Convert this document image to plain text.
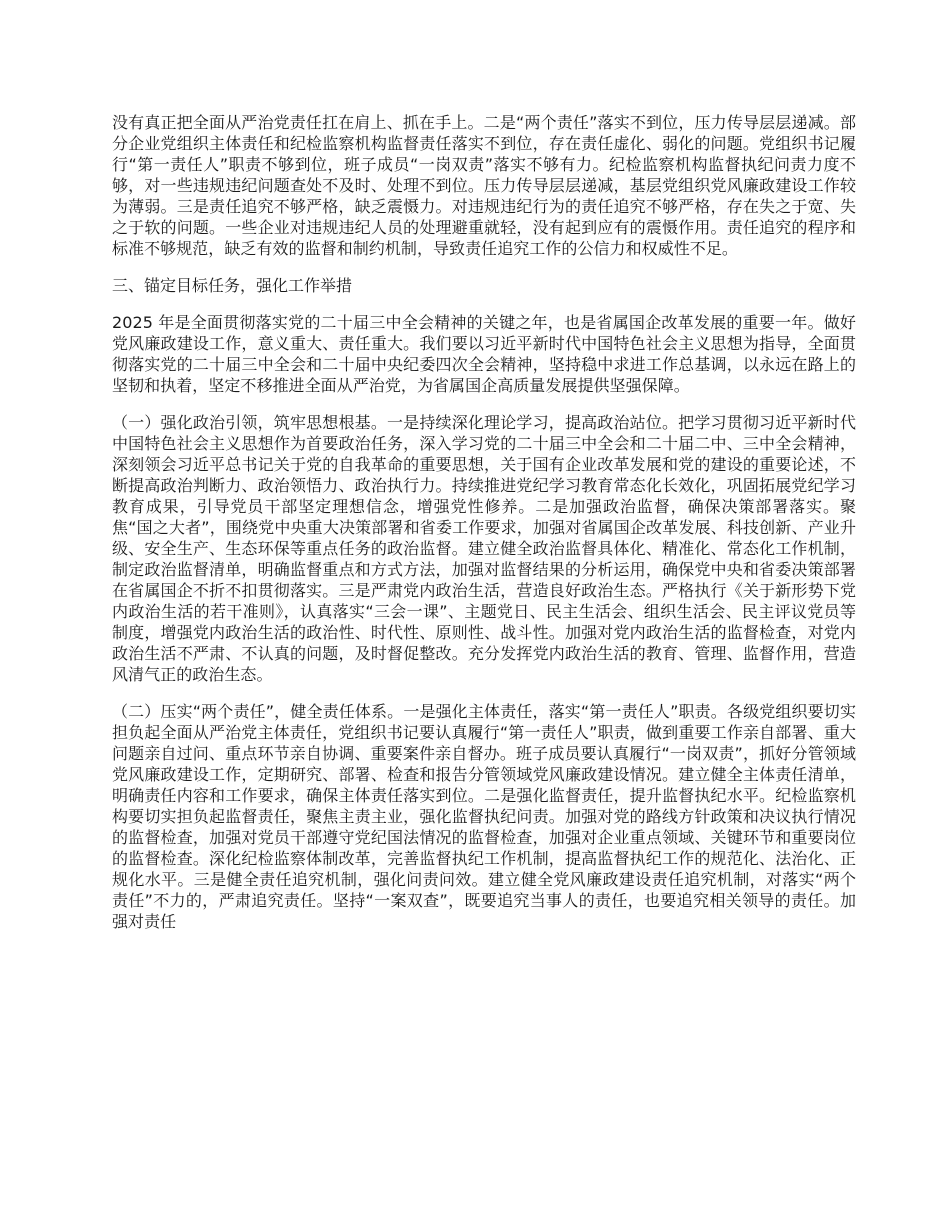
没有真正把全面从严治党责任扛在肩上、抓在手上。二是“两个责任”落实不到位，压力传导层层递减。部分企业党组织主体责任和纪检监察机构监督责任落实不到位，存在责任虚化、弱化的问题。党组织书记履行“第一责任人”职责不够到位，班子成员“一岗双责”落实不够有力。纪检监察机构监督执纪问责力度不够，对一些违规违纪问题查处不及时、处理不到位。压力传导层层递减，基层党组织党风廉政建设工作较为薄弱。三是责任追究不够严格，缺乏震慑力。对违规违纪行为的责任追究不够严格，存在失之于宽、失之于软的问题。一些企业对违规违纪人员的处理避重就轻，没有起到应有的震慑作用。责任追究的程序和标准不够规范，缺乏有效的监督和制约机制，导致责任追究工作的公信力和权威性不足。

三、锚定目标任务，强化工作举措

2025 年是全面贯彻落实党的二十届三中全会精神的关键之年，也是省属国企改革发展的重要一年。做好党风廉政建设工作，意义重大、责任重大。我们要以习近平新时代中国特色社会主义思想为指导，全面贯彻落实党的二十届三中全会和二十届中央纪委四次全会精神，坚持稳中求进工作总基调，以永远在路上的坚韧和执着，坚定不移推进全面从严治党，为省属国企高质量发展提供坚强保障。

（一）强化政治引领，筑牢思想根基。一是持续深化理论学习，提高政治站位。把学习贯彻习近平新时代中国特色社会主义思想作为首要政治任务，深入学习党的二十届三中全会和二十届二中、三中全会精神，深刻领会习近平总书记关于党的自我革命的重要思想，关于国有企业改革发展和党的建设的重要论述，不断提高政治判断力、政治领悟力、政治执行力。持续推进党纪学习教育常态化长效化，巩固拓展党纪学习教育成果，引导党员干部坚定理想信念，增强党性修养。二是加强政治监督，确保决策部署落实。聚焦“国之大者”，围绕党中央重大决策部署和省委工作要求，加强对省属国企改革发展、科技创新、产业升级、安全生产、生态环保等重点任务的政治监督。建立健全政治监督具体化、精准化、常态化工作机制，制定政治监督清单，明确监督重点和方式方法，加强对监督结果的分析运用，确保党中央和省委决策部署在省属国企不折不扣贯彻落实。三是严肃党内政治生活，营造良好政治生态。严格执行《关于新形势下党内政治生活的若干准则》，认真落实“三会一课”、主题党日、民主生活会、组织生活会、民主评议党员等制度，增强党内政治生活的政治性、时代性、原则性、战斗性。加强对党内政治生活的监督检查，对党内政治生活不严肃、不认真的问题，及时督促整改。充分发挥党内政治生活的教育、管理、监督作用，营造风清气正的政治生态。

（二）压实“两个责任”，健全责任体系。一是强化主体责任，落实“第一责任人”职责。各级党组织要切实担负起全面从严治党主体责任，党组织书记要认真履行“第一责任人”职责，做到重要工作亲自部署、重大问题亲自过问、重点环节亲自协调、重要案件亲自督办。班子成员要认真履行“一岗双责”，抓好分管领域党风廉政建设工作，定期研究、部署、检查和报告分管领域党风廉政建设情况。建立健全主体责任清单，明确责任内容和工作要求，确保主体责任落实到位。二是强化监督责任，提升监督执纪水平。纪检监察机构要切实担负起监督责任，聚焦主责主业，强化监督执纪问责。加强对党的路线方针政策和决议执行情况的监督检查，加强对党员干部遵守党纪国法情况的监督检查，加强对企业重点领域、关键环节和重要岗位的监督检查。深化纪检监察体制改革，完善监督执纪工作机制，提高监督执纪工作的规范化、法治化、正规化水平。三是健全责任追究机制，强化问责问效。建立健全党风廉政建设责任追究机制，对落实“两个责任”不力的，严肃追究责任。坚持“一案双查”，既要追究当事人的责任，也要追究相关领导的责任。加强对责任
